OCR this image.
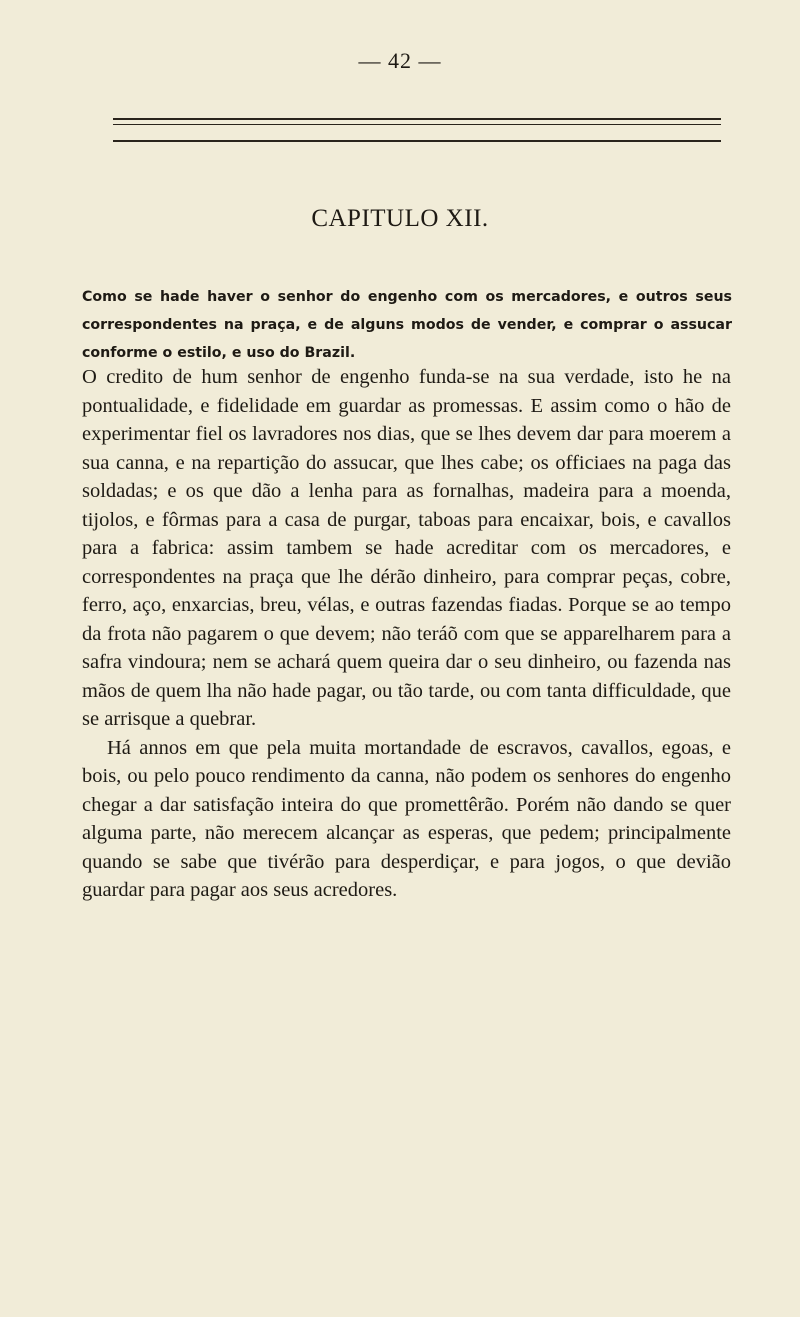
— 42 —
CAPITULO XII.

Como se hade haver o senhor do engenho com os mercadores, e outros seus correspondentes na praça, e de alguns modos de vender, e comprar o assucar conforme o estilo, e uso do Brazil.

O credito de hum senhor de engenho funda-se na sua verdade, isto he na pontualidade, e fidelidade em guardar as promessas. E assim como o hão de experimentar fiel os lavradores nos dias, que se lhes devem dar para moerem a sua canna, e na repartição do assucar, que lhes cabe; os officiaes na paga das soldadas; e os que dão a lenha para as fornalhas, madeira para a moenda, tijolos, e fôrmas para a casa de purgar, taboas para encaixar, bois, e cavallos para a fabrica: assim tambem se hade acreditar com os mercadores, e correspondentes na praça que lhe dérão dinheiro, para comprar peças, cobre, ferro, aço, enxarcias, breu, vélas, e outras fazendas fiadas. Porque se ao tempo da frota não pagarem o que devem; não teráõ com que se apparelharem para a safra vindoura; nem se achará quem queira dar o seu dinheiro, ou fazenda nas mãos de quem lha não hade pagar, ou tão tarde, ou com tanta difficuldade, que se arrisque a quebrar.

Há annos em que pela muita mortandade de escravos, cavallos, egoas, e bois, ou pelo pouco rendimento da canna, não podem os senhores do engenho chegar a dar satisfação inteira do que promettêrão. Porém não dando se quer alguma parte, não merecem alcançar as esperas, que pedem; principalmente quando se sabe que tivérão para desperdiçar, e para jogos, o que devião guardar para pagar aos seus acredores.
